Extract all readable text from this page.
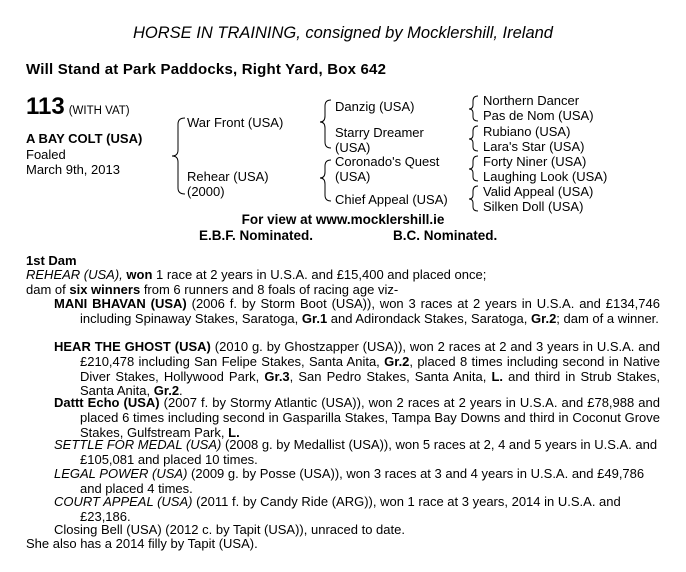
HORSE IN TRAINING, consigned by Mocklershill, Ireland
Will Stand at Park Paddocks, Right Yard, Box 642
113 (WITH VAT)
A BAY COLT (USA)
Foaled
March 9th, 2013
War Front (USA)
Rehear (USA)
(2000)
Danzig (USA)
Starry Dreamer
(USA)
Coronado's Quest
(USA)
Chief Appeal (USA)
Northern Dancer
Pas de Nom (USA)
Rubiano (USA)
Lara's Star (USA)
Forty Niner (USA)
Laughing Look (USA)
Valid Appeal (USA)
Silken Doll (USA)
For view at www.mocklershill.ie
E.B.F. Nominated.	B.C. Nominated.
1st Dam
REHEAR (USA), won 1 race at 2 years in U.S.A. and £15,400 and placed once;
dam of six winners from 6 runners and 8 foals of racing age viz-
MANI BHAVAN (USA) (2006 f. by Storm Boot (USA)), won 3 races at 2 years in U.S.A. and £134,746 including Spinaway Stakes, Saratoga, Gr.1 and Adirondack Stakes, Saratoga, Gr.2; dam of a winner.
HEAR THE GHOST (USA) (2010 g. by Ghostzapper (USA)), won 2 races at 2 and 3 years in U.S.A. and £210,478 including San Felipe Stakes, Santa Anita, Gr.2, placed 8 times including second in Native Diver Stakes, Hollywood Park, Gr.3, San Pedro Stakes, Santa Anita, L. and third in Strub Stakes, Santa Anita, Gr.2.
Dattt Echo (USA) (2007 f. by Stormy Atlantic (USA)), won 2 races at 2 years in U.S.A. and £78,988 and placed 6 times including second in Gasparilla Stakes, Tampa Bay Downs and third in Coconut Grove Stakes, Gulfstream Park, L.
SETTLE FOR MEDAL (USA) (2008 g. by Medallist (USA)), won 5 races at 2, 4 and 5 years in U.S.A. and £105,081 and placed 10 times.
LEGAL POWER (USA) (2009 g. by Posse (USA)), won 3 races at 3 and 4 years in U.S.A. and £49,786 and placed 4 times.
COURT APPEAL (USA) (2011 f. by Candy Ride (ARG)), won 1 race at 3 years, 2014 in U.S.A. and £23,186.
Closing Bell (USA) (2012 c. by Tapit (USA)), unraced to date.
She also has a 2014 filly by Tapit (USA).
